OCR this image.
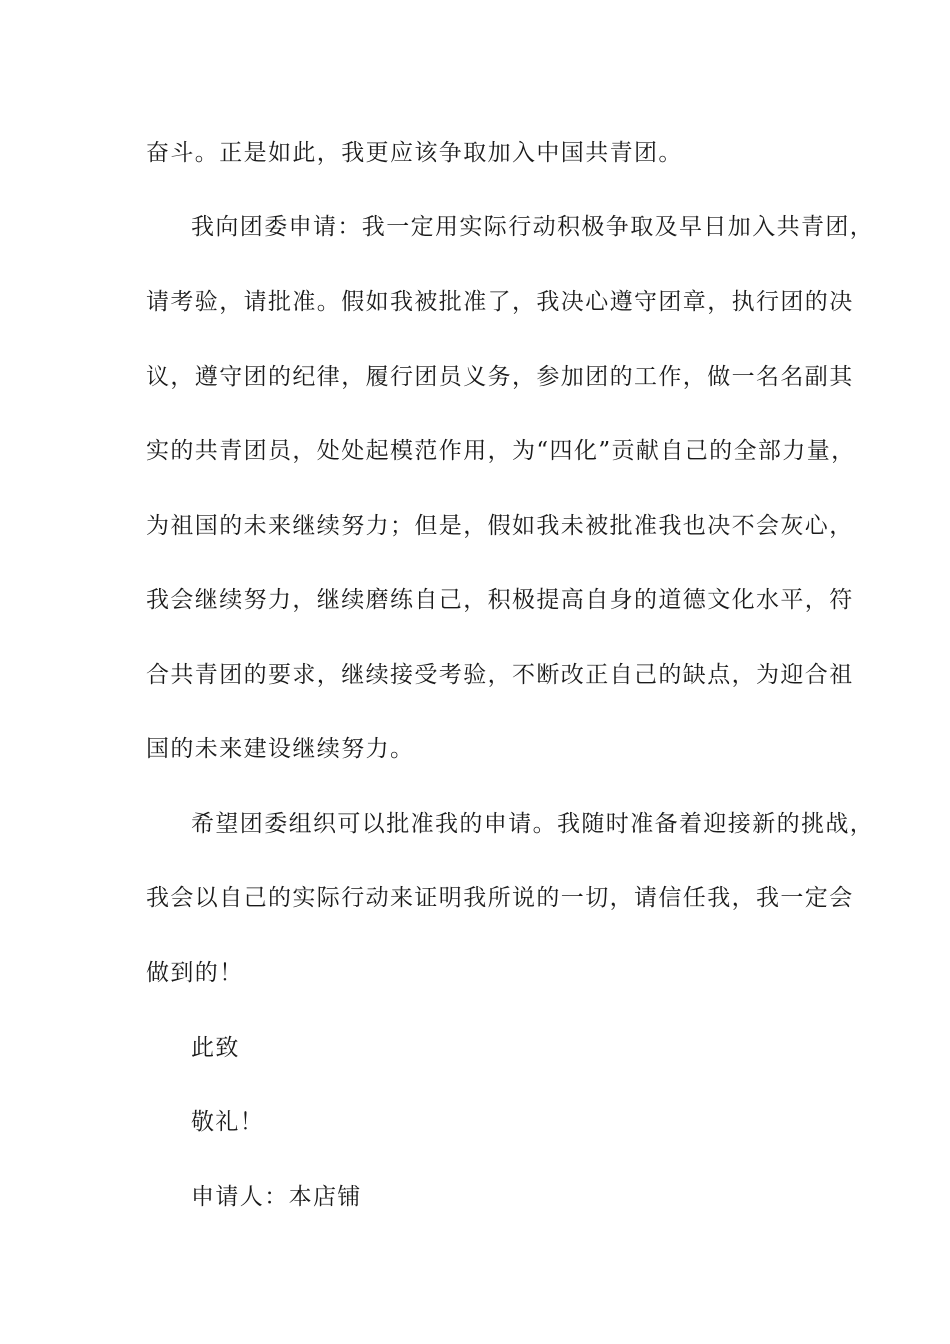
奋斗。正是如此，我更应该争取加入中国共青团。
我向团委申请：我一定用实际行动积极争取及早日加入共青团，
请考验，请批准。假如我被批准了，我决心遵守团章，执行团的决
议，遵守团的纪律，履行团员义务，参加团的工作，做一名名副其
实的共青团员，处处起模范作用，为“四化”贡献自己的全部力量，
为祖国的未来继续努力；但是，假如我未被批准我也决不会灰心，
我会继续努力，继续磨练自己，积极提高自身的道德文化水平，符
合共青团的要求，继续接受考验，不断改正自己的缺点，为迎合祖
国的未来建设继续努力。
希望团委组织可以批准我的申请。我随时准备着迎接新的挑战，
我会以自己的实际行动来证明我所说的一切，请信任我，我一定会
做到的！
此致
敬礼！
申请人：本店铺
